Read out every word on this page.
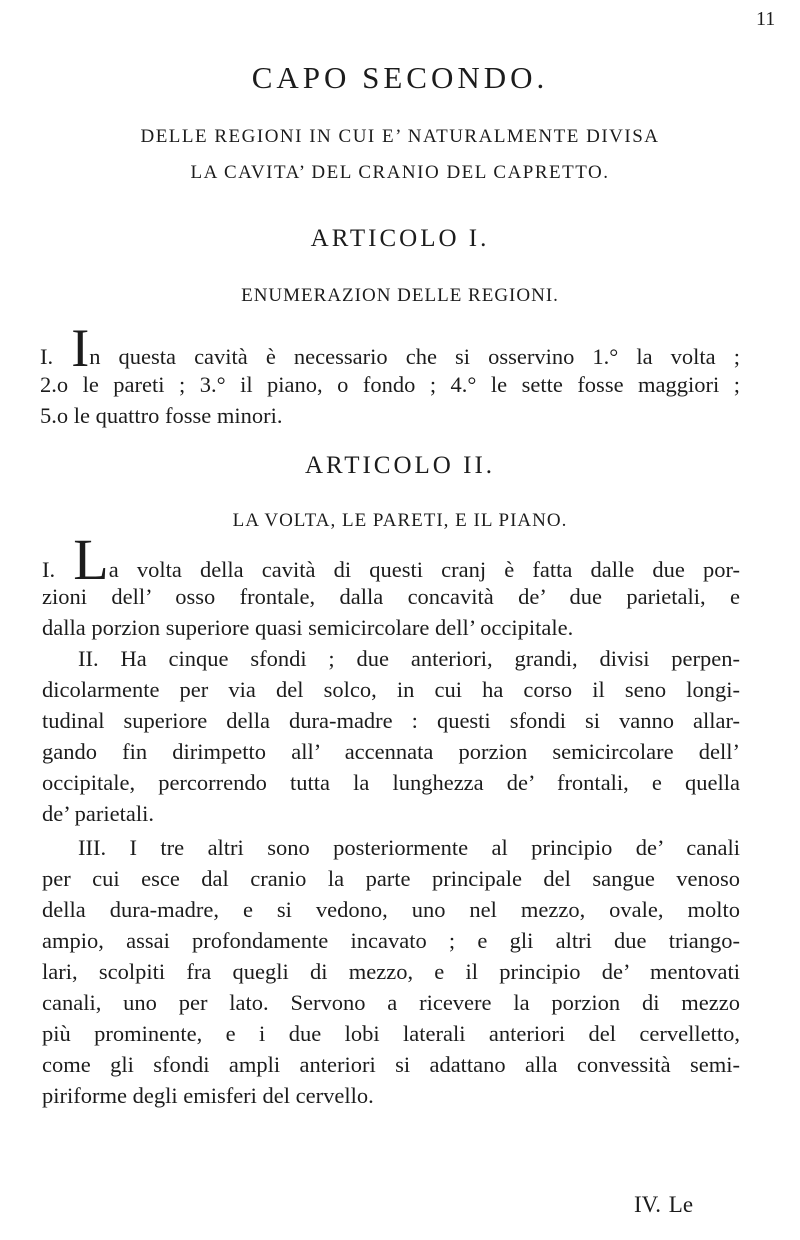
11
CAPO SECONDO.
DELLE REGIONI IN CUI E’ NATURALMENTE DIVISA
LA CAVITA’ DEL CRANIO DEL CAPRETTO.
ARTICOLO I.
ENUMERAZION DELLE REGIONI.
I. In questa cavità è necessario che si osservino 1.° la volta ;
2.o le pareti ; 3.° il piano, o fondo ; 4.° le sette fosse maggiori ;
5.o le quattro fosse minori.
ARTICOLO II.
LA VOLTA, LE PARETI, E IL PIANO.
I. La volta della cavità di questi cranj è fatta dalle due por-
zioni dell’ osso frontale, dalla concavità de’ due parietali, e
dalla porzion superiore quasi semicircolare dell’ occipitale.
II. Ha cinque sfondi ; due anteriori, grandi, divisi perpen-
dicolarmente per via del solco, in cui ha corso il seno longi-
tudinal superiore della dura-madre : questi sfondi si vanno allar-
gando fin dirimpetto all’ accennata porzion semicircolare dell’
occipitale, percorrendo tutta la lunghezza de’ frontali, e quella
de’ parietali.
III. I tre altri sono posteriormente al principio de’ canali
per cui esce dal cranio la parte principale del sangue venoso
della dura-madre, e si vedono, uno nel mezzo, ovale, molto
ampio, assai profondamente incavato ; e gli altri due triango-
lari, scolpiti fra quegli di mezzo, e il principio de’ mentovati
canali, uno per lato. Servono a ricevere la porzion di mezzo
più prominente, e i due lobi laterali anteriori del cervelletto,
come gli sfondi ampli anteriori si adattano alla convessità semi-
piriforme degli emisferi del cervello.
IV. Le
